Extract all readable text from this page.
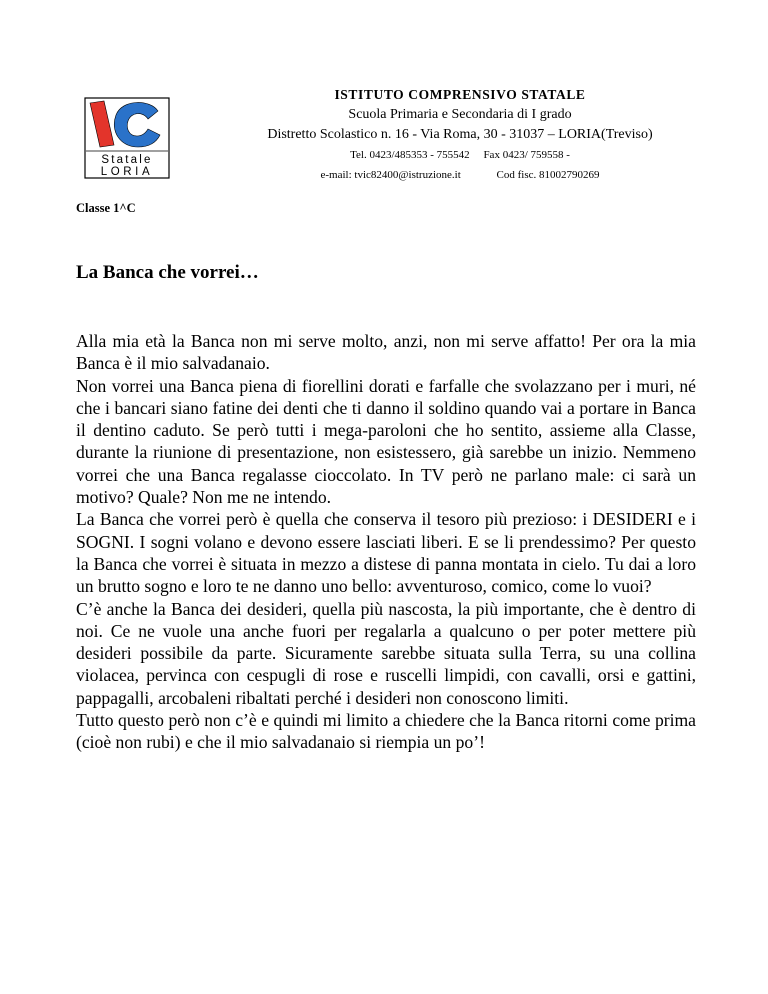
Statale
LORIA
ISTITUTO COMPRENSIVO STATALE
Scuola Primaria e Secondaria di I grado
Distretto Scolastico n. 16 - Via Roma, 30 - 31037 – LORIA(Treviso)
Tel. 0423/485353 - 755542 Fax 0423/ 759558 -
e-mail: tvic82400@istruzione.it	Cod fisc. 81002790269
Classe 1^C
La Banca che vorrei…

Alla mia età la Banca non mi serve molto, anzi, non mi serve affatto! Per ora la mia Banca è il mio salvadanaio.

Non vorrei una Banca piena di fiorellini dorati e farfalle che svolazzano per i muri, né che i bancari siano fatine dei denti che ti danno il soldino quando vai a portare in Banca il dentino caduto. Se però tutti i mega-paroloni che ho sentito, assieme alla Classe, durante la riunione di presentazione, non esistessero, già sarebbe un inizio. Nemmeno vorrei che una Banca regalasse cioccolato. In TV però ne parlano male: ci sarà un motivo? Quale? Non me ne intendo.

La Banca che vorrei però è quella che conserva il tesoro più prezioso: i DESIDERI e i SOGNI. I sogni volano e devono essere lasciati liberi. E se li prendessimo? Per questo la Banca che vorrei è situata in mezzo a distese di panna montata in cielo. Tu dai a loro un brutto sogno e loro te ne danno uno bello: avventuroso, comico, come lo vuoi?

C’è anche la Banca dei desideri, quella più nascosta, la più importante, che è dentro di noi. Ce ne vuole una anche fuori per regalarla a qualcuno o per poter mettere più desideri possibile da parte. Sicuramente sarebbe situata sulla Terra, su una collina violacea, pervinca con cespugli di rose e ruscelli limpidi, con cavalli, orsi e gattini, pappagalli, arcobaleni ribaltati perché i desideri non conoscono limiti.

Tutto questo però non c’è e quindi mi limito a chiedere che la Banca ritorni come prima (cioè non rubi) e che il mio salvadanaio si riempia un po’!
